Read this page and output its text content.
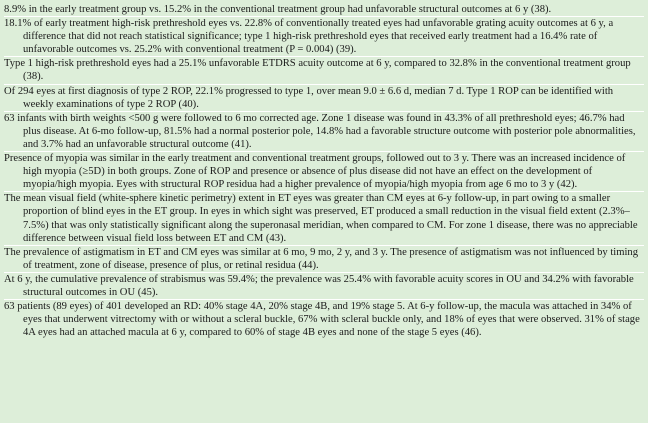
8.9% in the early treatment group vs. 15.2% in the conventional treatment group had unfavorable structural outcomes at 6 y (38).

18.1% of early treatment high-risk prethreshold eyes vs. 22.8% of conventionally treated eyes had unfavorable grating acuity outcomes at 6 y, a difference that did not reach statistical significance; type 1 high-risk prethreshold eyes that received early treatment had a 16.4% rate of unfavorable outcomes vs. 25.2% with conventional treatment (P = 0.004) (39).

Type 1 high-risk prethreshold eyes had a 25.1% unfavorable ETDRS acuity outcome at 6 y, compared to 32.8% in the conventional treatment group (38).

Of 294 eyes at first diagnosis of type 2 ROP, 22.1% progressed to type 1, over mean 9.0 ± 6.6 d, median 7 d. Type 1 ROP can be identified with weekly examinations of type 2 ROP (40).

63 infants with birth weights <500 g were followed to 6 mo corrected age. Zone 1 disease was found in 43.3% of all prethreshold eyes; 46.7% had plus disease. At 6-mo follow-up, 81.5% had a normal posterior pole, 14.8% had a favorable structure outcome with posterior pole abnormalities, and 3.7% had an unfavorable structural outcome (41).

Presence of myopia was similar in the early treatment and conventional treatment groups, followed out to 3 y. There was an increased incidence of high myopia (≥5D) in both groups. Zone of ROP and presence or absence of plus disease did not have an effect on the development of myopia/high myopia. Eyes with structural ROP residua had a higher prevalence of myopia/high myopia from age 6 mo to 3 y (42).

The mean visual field (white-sphere kinetic perimetry) extent in ET eyes was greater than CM eyes at 6-y follow-up, in part owing to a smaller proportion of blind eyes in the ET group. In eyes in which sight was preserved, ET produced a small reduction in the visual field extent (2.3%–7.5%) that was only statistically significant along the superonasal meridian, when compared to CM. For zone 1 disease, there was no appreciable difference between visual field loss between ET and CM (43).

The prevalence of astigmatism in ET and CM eyes was similar at 6 mo, 9 mo, 2 y, and 3 y. The presence of astigmatism was not influenced by timing of treatment, zone of disease, presence of plus, or retinal residua (44).

At 6 y, the cumulative prevalence of strabismus was 59.4%; the prevalence was 25.4% with favorable acuity scores in OU and 34.2% with favorable structural outcomes in OU (45).

63 patients (89 eyes) of 401 developed an RD: 40% stage 4A, 20% stage 4B, and 19% stage 5. At 6-y follow-up, the macula was attached in 34% of eyes that underwent vitrectomy with or without a scleral buckle, 67% with scleral buckle only, and 18% of eyes that were observed. 31% of stage 4A eyes had an attached macula at 6 y, compared to 60% of stage 4B eyes and none of the stage 5 eyes (46).
